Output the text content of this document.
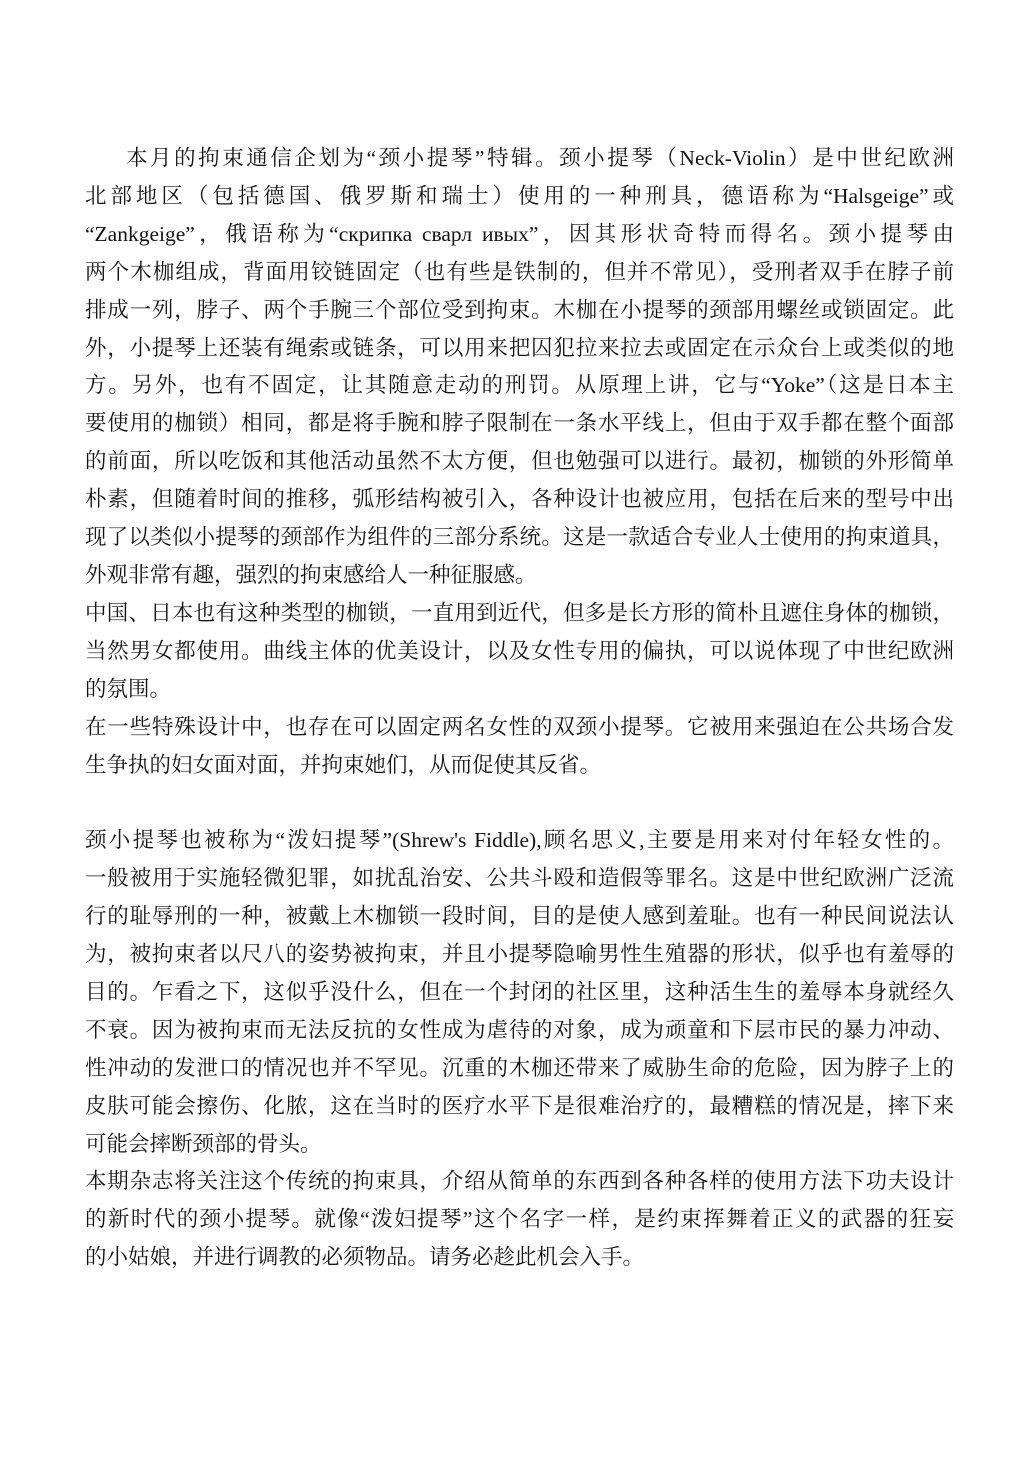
本月的拘束通信企划为“颈小提琴”特辑。颈小提琴（Neck-Violin）是中世纪欧洲
北部地区（包括德国、俄罗斯和瑞士）使用的一种刑具，德语称为“Halsgeige”或
“Zankgeige”，俄语称为“скрипка сварл ивых”，因其形状奇特而得名。颈小提琴由
两个木枷组成，背面用铰链固定（也有些是铁制的，但并不常见），受刑者双手在脖子前
排成一列，脖子、两个手腕三个部位受到拘束。木枷在小提琴的颈部用螺丝或锁固定。此
外，小提琴上还装有绳索或链条，可以用来把囚犯拉来拉去或固定在示众台上或类似的地
方。另外，也有不固定，让其随意走动的刑罚。从原理上讲，它与“Yoke”（这是日本主
要使用的枷锁）相同，都是将手腕和脖子限制在一条水平线上，但由于双手都在整个面部
的前面，所以吃饭和其他活动虽然不太方便，但也勉强可以进行。最初，枷锁的外形简单
朴素，但随着时间的推移，弧形结构被引入，各种设计也被应用，包括在后来的型号中出
现了以类似小提琴的颈部作为组件的三部分系统。这是一款适合专业人士使用的拘束道具，
外观非常有趣，强烈的拘束感给人一种征服感。
中国、日本也有这种类型的枷锁，一直用到近代，但多是长方形的简朴且遮住身体的枷锁，
当然男女都使用。曲线主体的优美设计，以及女性专用的偏执，可以说体现了中世纪欧洲
的氛围。
在一些特殊设计中，也存在可以固定两名女性的双颈小提琴。它被用来强迫在公共场合发
生争执的妇女面对面，并拘束她们，从而促使其反省。
颈小提琴也被称为“泼妇提琴”(Shrew's Fiddle),顾名思义,主要是用来对付年轻女性的。
一般被用于实施轻微犯罪，如扰乱治安、公共斗殴和造假等罪名。这是中世纪欧洲广泛流
行的耻辱刑的一种，被戴上木枷锁一段时间，目的是使人感到羞耻。也有一种民间说法认
为，被拘束者以尺八的姿势被拘束，并且小提琴隐喻男性生殖器的形状，似乎也有羞辱的
目的。乍看之下，这似乎没什么，但在一个封闭的社区里，这种活生生的羞辱本身就经久
不衰。因为被拘束而无法反抗的女性成为虐待的对象，成为顽童和下层市民的暴力冲动、
性冲动的发泄口的情况也并不罕见。沉重的木枷还带来了威胁生命的危险，因为脖子上的
皮肤可能会擦伤、化脓，这在当时的医疗水平下是很难治疗的，最糟糕的情况是，摔下来
可能会摔断颈部的骨头。
本期杂志将关注这个传统的拘束具，介绍从简单的东西到各种各样的使用方法下功夫设计
的新时代的颈小提琴。就像“泼妇提琴”这个名字一样，是约束挥舞着正义的武器的狂妄
的小姑娘，并进行调教的必须物品。请务必趁此机会入手。
